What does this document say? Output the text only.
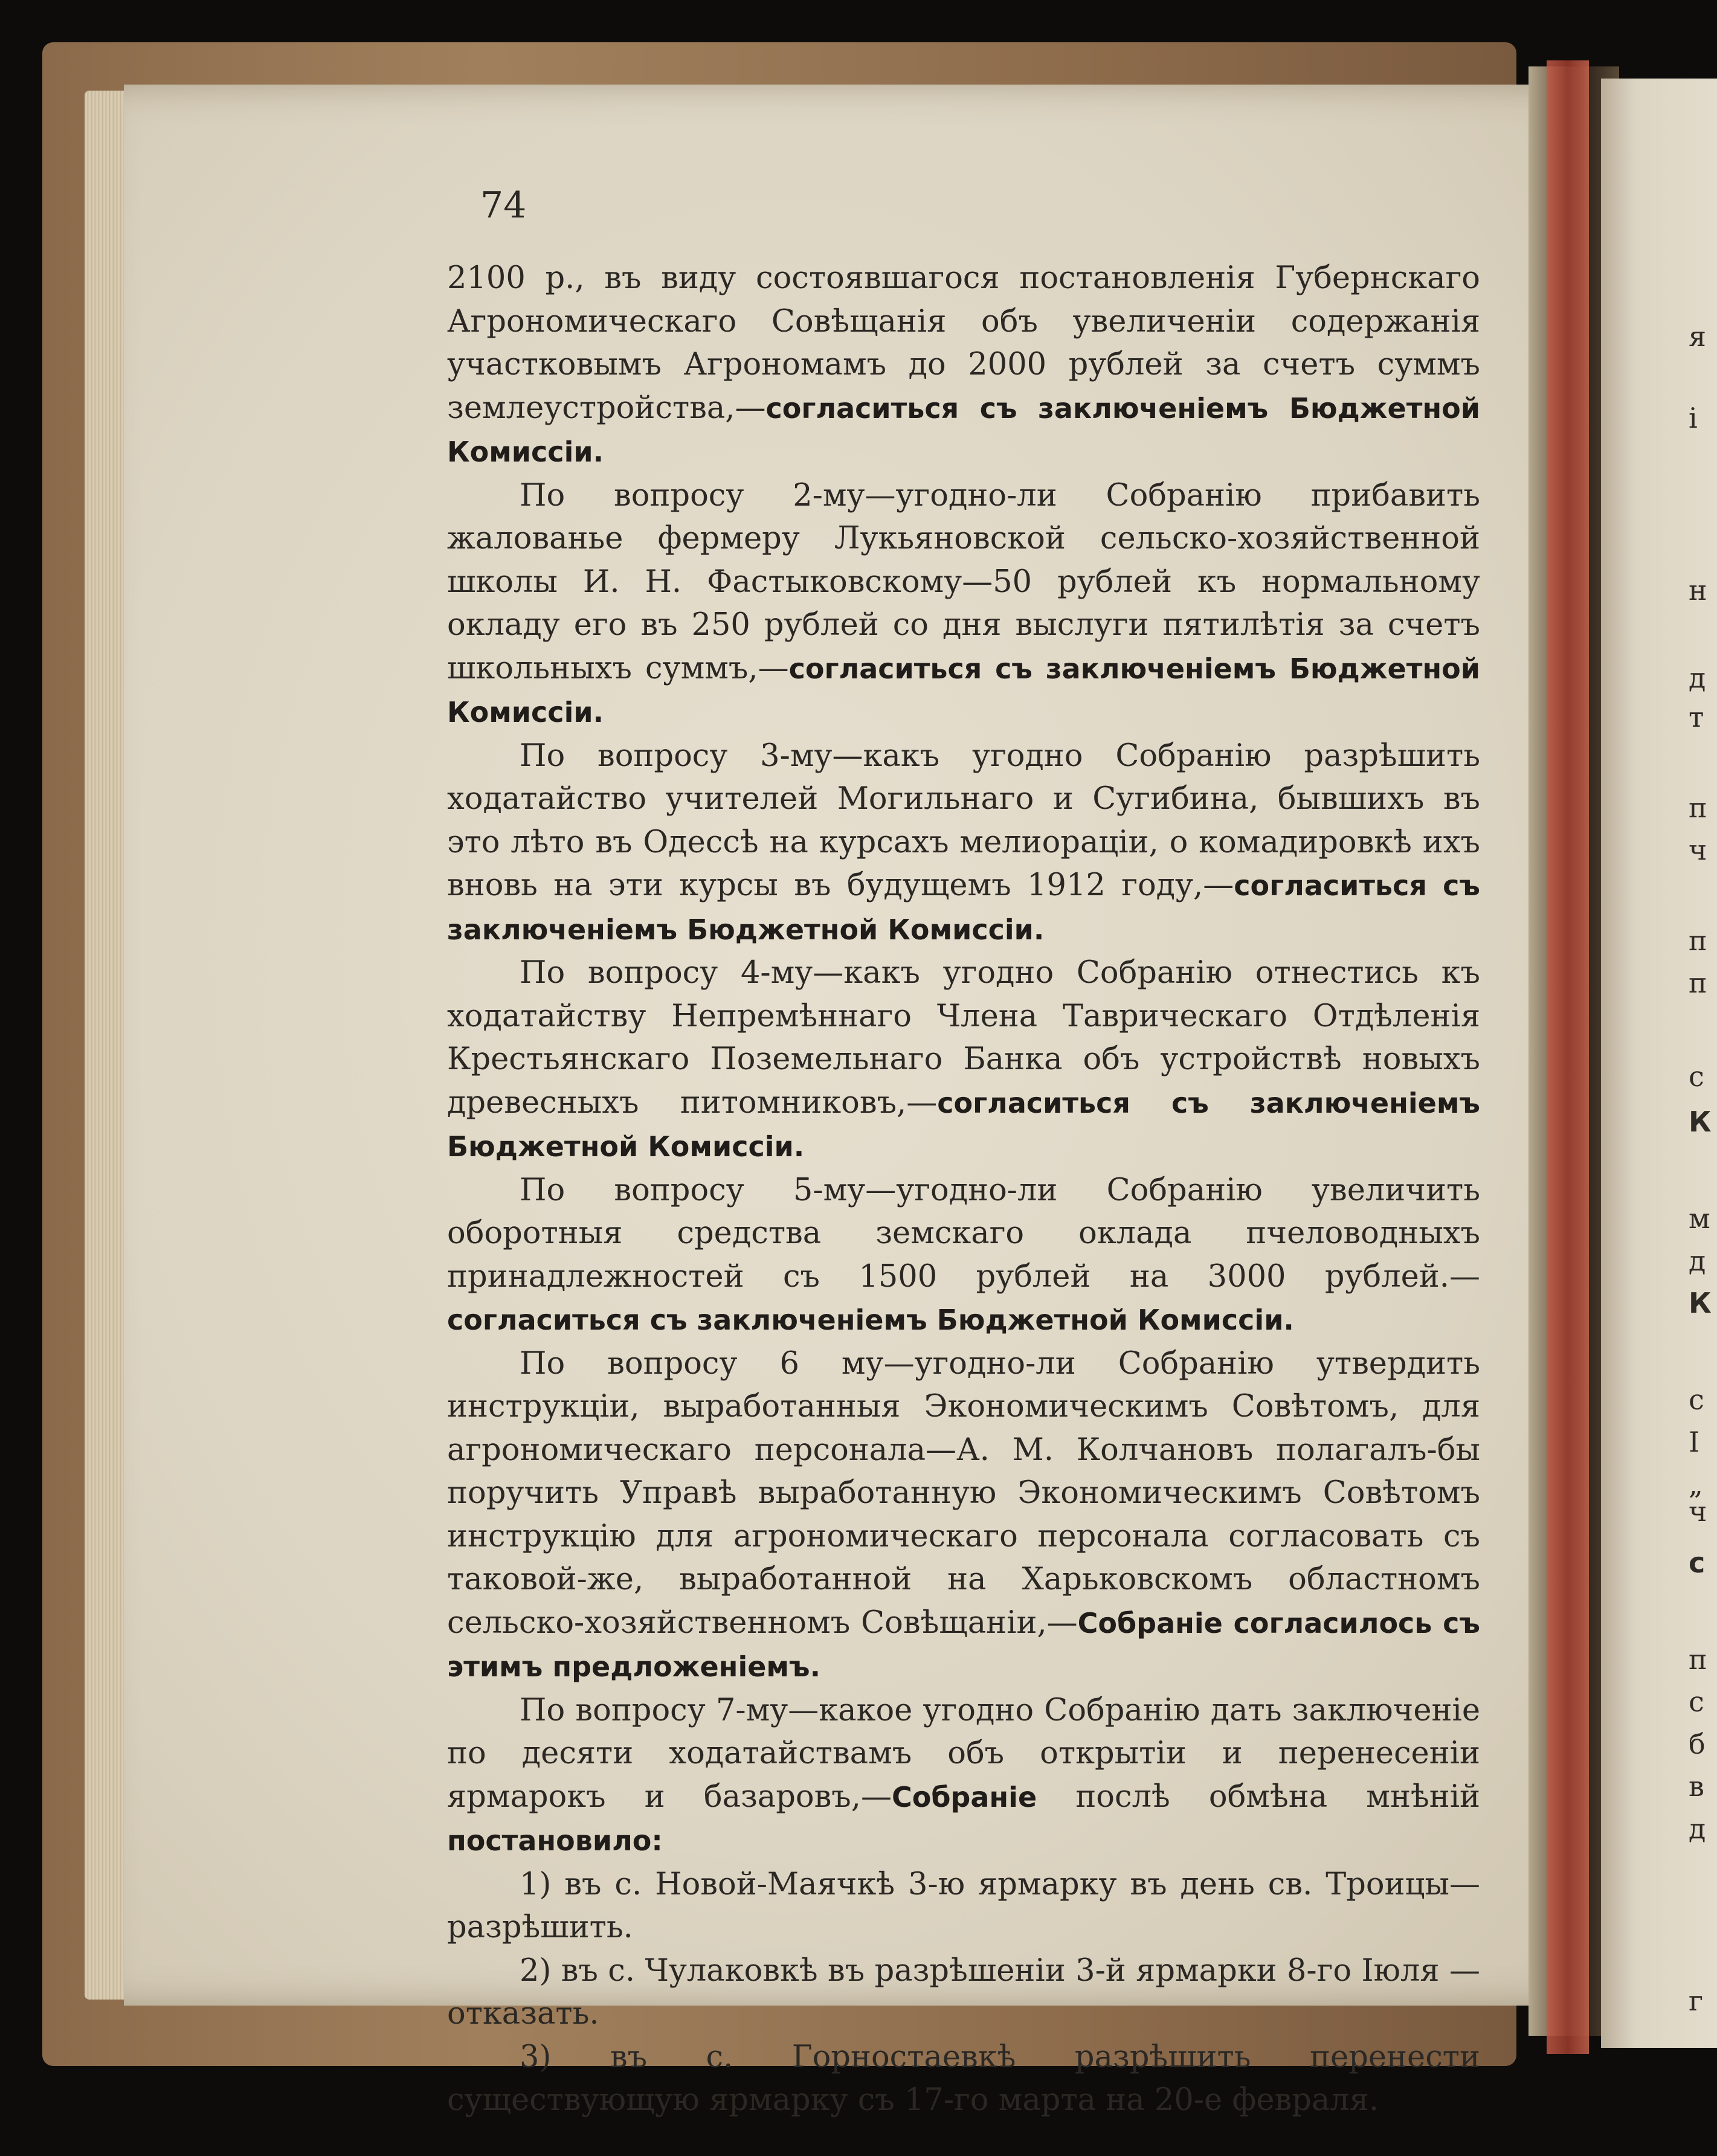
я
і
н
д
т
п
ч
п
п
с
К
м
д
К
с
І
„
ч
с
п
с
б
в
д
г
74

2100 р., въ виду состоявшагося постановленія Губернскаго Агрономическаго Совѣщанія объ увеличеніи содержанія участковымъ Агрономамъ до 2000 рублей за счетъ суммъ землеустройства,—согласиться съ заключеніемъ Бюджетной Комиссіи.

По вопросу 2-му—угодно-ли Собранію прибавить жалованье фермеру Лукьяновской сельско-хозяйственной школы И. Н. Фастыковскому—50 рублей къ нормальному окладу его въ 250 рублей со дня выслуги пятилѣтія за счетъ школьныхъ суммъ,—согласиться съ заключеніемъ Бюджетной Комиссіи.

По вопросу 3-му—какъ угодно Собранію разрѣшить ходатайство учителей Могильнаго и Сугибина, бывшихъ въ это лѣто въ Одессѣ на курсахъ мелиораціи, о комадировкѣ ихъ вновь на эти курсы въ будущемъ 1912 году,—согласиться съ заключеніемъ Бюджетной Комиссіи.

По вопросу 4-му—какъ угодно Собранію отнестись къ ходатайству Непремѣннаго Члена Таврическаго Отдѣленія Крестьянскаго Поземельнаго Банка объ устройствѣ новыхъ древесныхъ питомниковъ,—согласиться съ заключеніемъ Бюджетной Комиссіи.

По вопросу 5-му—угодно-ли Собранію увеличить оборотныя средства земскаго оклада пчеловодныхъ принадлежностей съ 1500 рублей на 3000 рублей.—согласиться съ заключеніемъ Бюджетной Комиссіи.

По вопросу 6 му—угодно-ли Собранію утвердить инструкціи, выработанныя Экономическимъ Совѣтомъ, для агрономическаго персонала—А. М. Колчановъ полагалъ-бы поручить Управѣ выработанную Экономическимъ Совѣтомъ инструкцію для агрономическаго персонала согласовать съ таковой-же, выработанной на Харьковскомъ областномъ сельско-хозяйственномъ Совѣщаніи,—Собраніе согласилось съ этимъ предложеніемъ.

По вопросу 7-му—какое угодно Собранію дать заключеніе по десяти ходатайствамъ объ открытіи и перенесеніи ярмарокъ и базаровъ,—Собраніе послѣ обмѣна мнѣній постановило:

1) въ с. Новой-Маячкѣ 3-ю ярмарку въ день св. Троицы—разрѣшить.

2) въ с. Чулаковкѣ въ разрѣшеніи 3-й ярмарки 8-го Іюля —отказать.

3) въ с. Горностаевкѣ разрѣшить перенести существующую ярмарку съ 17-го марта на 20-е февраля.
